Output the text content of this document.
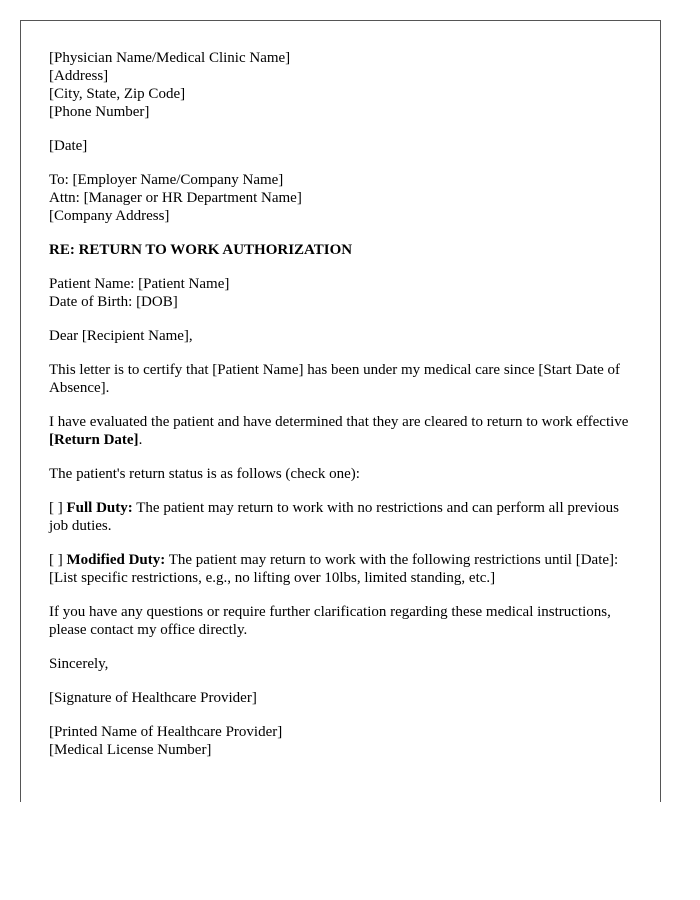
[Physician Name/Medical Clinic Name]
[Address]
[City, State, Zip Code]
[Phone Number]

[Date]

To: [Employer Name/Company Name]
Attn: [Manager or HR Department Name]
[Company Address]

RE: RETURN TO WORK AUTHORIZATION

Patient Name: [Patient Name]
Date of Birth: [DOB]

Dear [Recipient Name],

This letter is to certify that [Patient Name] has been under my medical care since [Start Date of Absence].

I have evaluated the patient and have determined that they are cleared to return to work effective [Return Date].

The patient's return status is as follows (check one):

[ ] Full Duty: The patient may return to work with no restrictions and can perform all previous job duties.

[ ] Modified Duty: The patient may return to work with the following restrictions until [Date]:
[List specific restrictions, e.g., no lifting over 10lbs, limited standing, etc.]

If you have any questions or require further clarification regarding these medical instructions, please contact my office directly.

Sincerely,

[Signature of Healthcare Provider]

[Printed Name of Healthcare Provider]
[Medical License Number]
